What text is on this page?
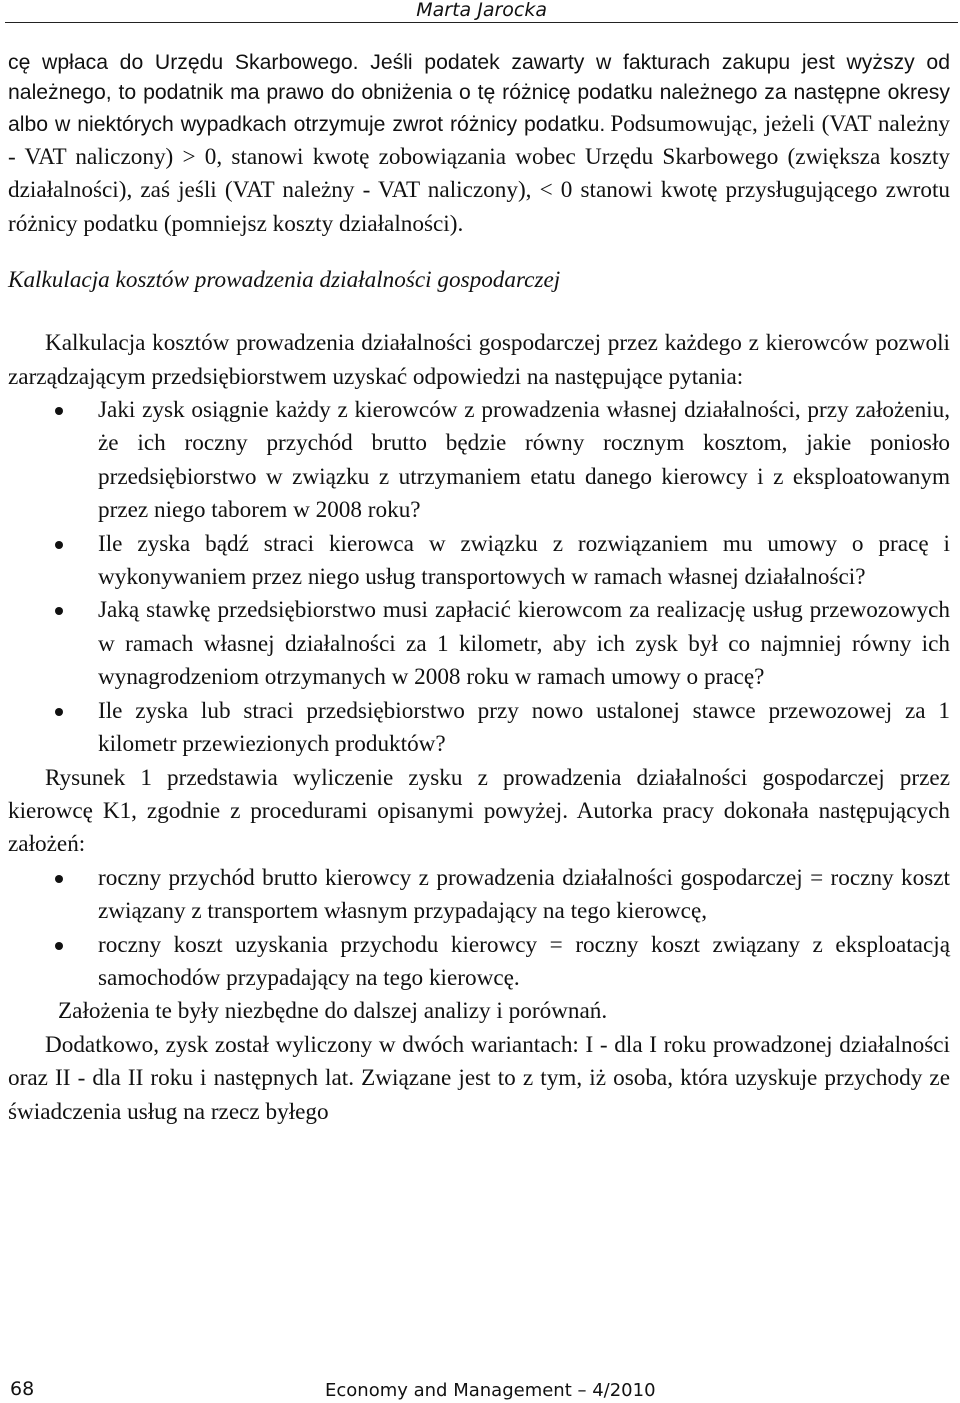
Marta Jarocka

cę wpłaca do Urzędu Skarbowego. Jeśli podatek zawarty w fakturach zakupu jest wyższy od należnego, to podatnik ma prawo do obniżenia o tę różnicę podatku należnego za następne okresy albo w niektórych wypadkach otrzymuje zwrot różnicy podatku. Podsumowując, jeżeli (VAT należny - VAT naliczony) > 0, stanowi kwotę zobowiązania wobec Urzędu Skarbowego (zwiększa koszty działalności), zaś jeśli (VAT należny - VAT naliczony), < 0 stanowi kwotę przysługującego zwrotu różnicy podatku (pomniejsz koszty działalności).

Kalkulacja kosztów prowadzenia działalności gospodarczej

Kalkulacja kosztów prowadzenia działalności gospodarczej przez każdego z kierowców pozwoli zarządzającym przedsiębiorstwem uzyskać odpowiedzi na następujące pytania:

Jaki zysk osiągnie każdy z kierowców z prowadzenia własnej działalności, przy założeniu, że ich roczny przychód brutto będzie równy rocznym kosztom, jakie poniosło przedsiębiorstwo w związku z utrzymaniem etatu danego kierowcy i z eksploatowanym przez niego taborem w 2008 roku?
Ile zyska bądź straci kierowca w związku z rozwiązaniem mu umowy o pracę i wykonywaniem przez niego usług transportowych w ramach własnej działalności?
Jaką stawkę przedsiębiorstwo musi zapłacić kierowcom za realizację usług przewozowych w ramach własnej działalności za 1 kilometr, aby ich zysk był co najmniej równy ich wynagrodzeniom otrzymanych w 2008 roku w ramach umowy o pracę?
Ile zyska lub straci przedsiębiorstwo przy nowo ustalonej stawce przewozowej za 1 kilometr przewiezionych produktów?

Rysunek 1 przedstawia wyliczenie zysku z prowadzenia działalności gospodarczej przez kierowcę K1, zgodnie z procedurami opisanymi powyżej. Autorka pracy dokonała następujących założeń:

roczny przychód brutto kierowcy z prowadzenia działalności gospodarczej = roczny koszt związany z transportem własnym przypadający na tego kierowcę,
roczny koszt uzyskania przychodu kierowcy = roczny koszt związany z eksploatacją samochodów przypadający na tego kierowcę.

Założenia te były niezbędne do dalszej analizy i porównań.

Dodatkowo, zysk został wyliczony w dwóch wariantach: I - dla I roku prowadzonej działalności oraz II - dla II roku i następnych lat. Związane jest to z tym, iż osoba, która uzyskuje przychody ze świadczenia usług na rzecz byłego

68	Economy and Management – 4/2010
